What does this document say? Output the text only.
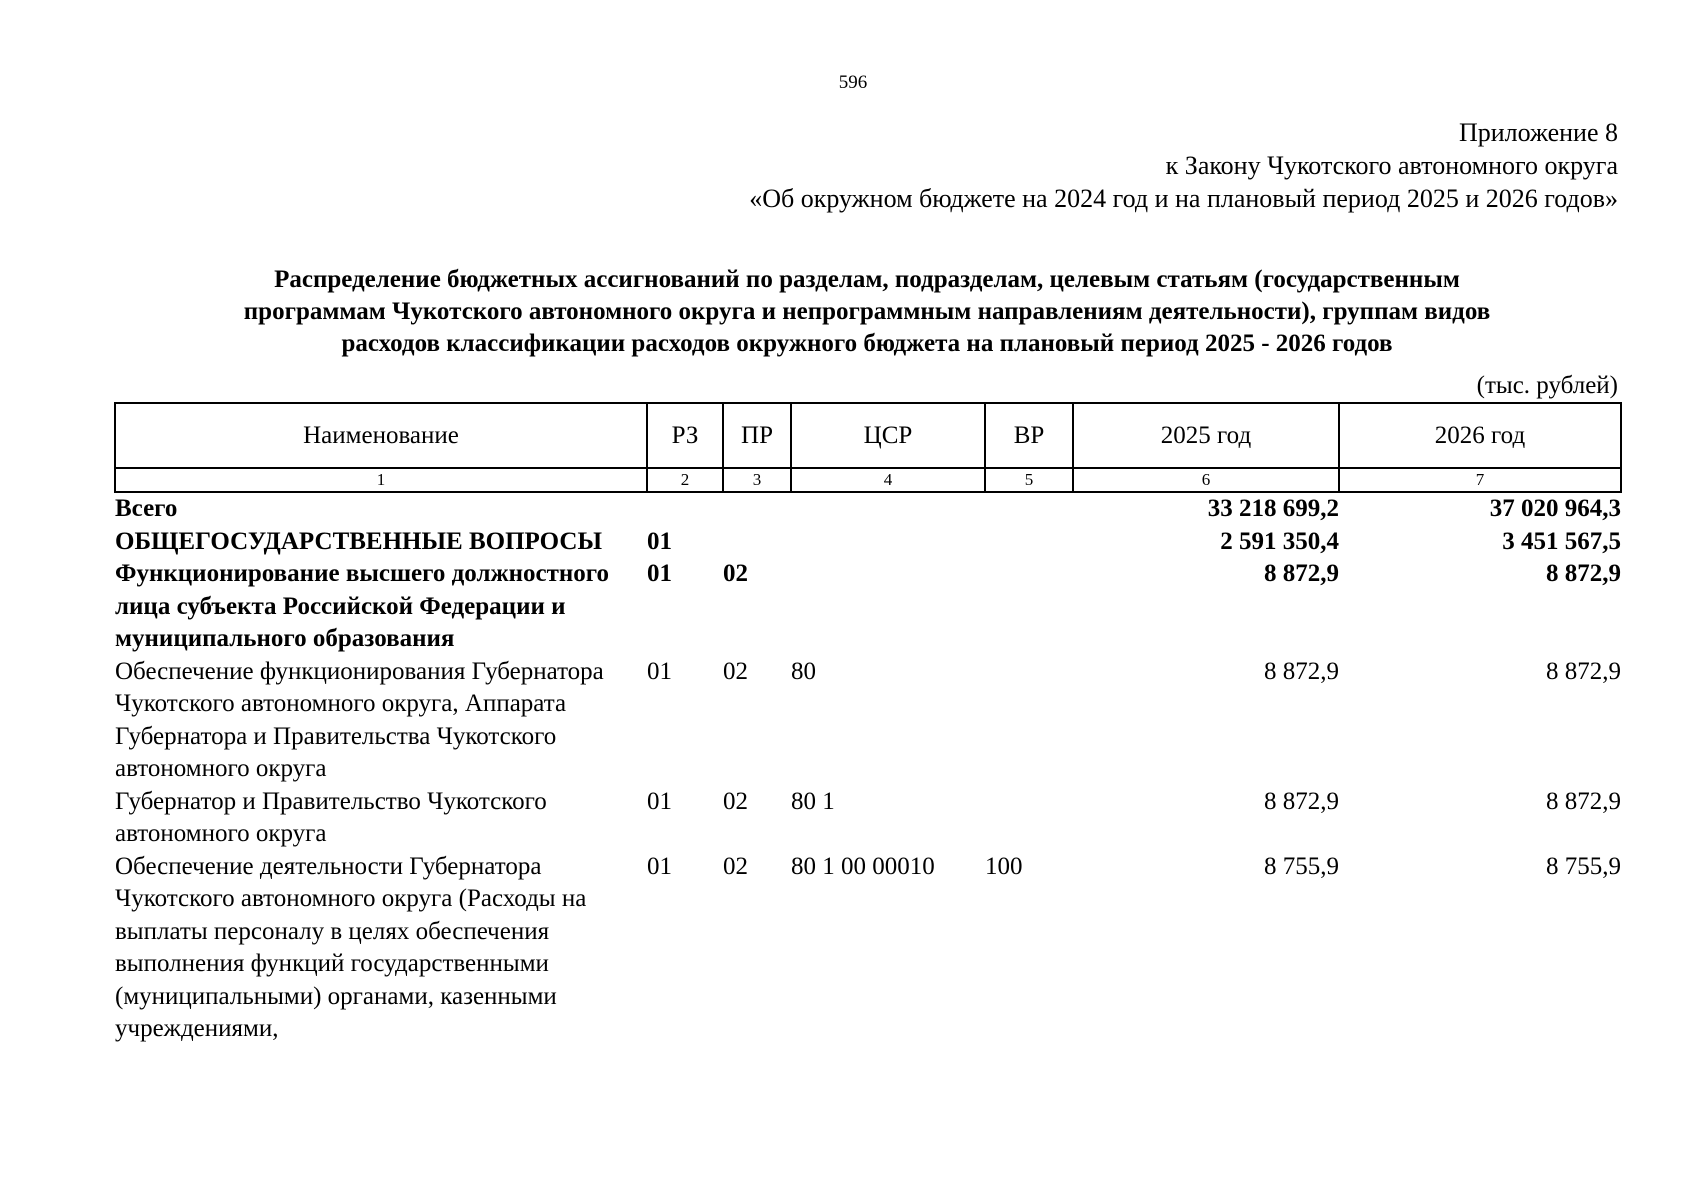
596
Приложение 8
к Закону Чукотского автономного округа
«Об окружном бюджете на 2024 год и на плановый период 2025 и 2026 годов»
Распределение бюджетных ассигнований по разделам, подразделам, целевым статьям (государственным
программам Чукотского автономного округа и непрограммным направлениям деятельности), группам видов
расходов классификации расходов окружного бюджета на плановый период 2025 - 2026 годов
(тыс. рублей)
Наименование	РЗ	ПР	ЦСР	ВР	2025 год	2026 год
1	2	3	4	5	6	7
Всего					33 218 699,2	37 020 964,3
ОБЩЕГОСУДАРСТВЕННЫЕ ВОПРОСЫ	01				2 591 350,4	3 451 567,5
Функционирование высшего должностного лица субъекта Российской Федерации и муниципального образования	01	02			8 872,9	8 872,9
Обеспечение функционирования Губернатора Чукотского автономного округа, Аппарата Губернатора и Правительства Чукотского автономного округа	01	02	80		8 872,9	8 872,9
Губернатор и Правительство Чукотского автономного округа	01	02	80 1		8 872,9	8 872,9
Обеспечение деятельности Губернатора Чукотского автономного округа (Расходы на выплаты персоналу в целях обеспечения выполнения функций государственными (муниципальными) органами, казенными учреждениями,	01	02	80 1 00 00010	100	8 755,9	8 755,9
